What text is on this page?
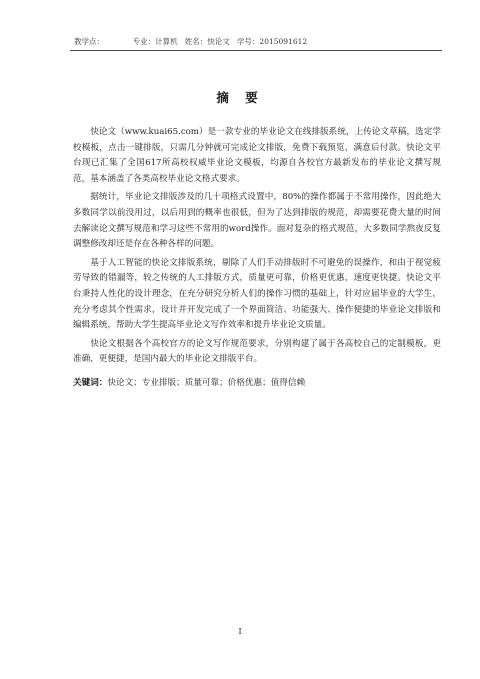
教学点：	专业：计算机 姓名：快论文 学号：2015091612
摘 要

快论文（www.kuai65.com）是一款专业的毕业论文在线排版系统，上传论文草稿，选定学校模板，点击一键排版，只需几分钟就可完成论文排版，免费下载预览，满意后付款。快论文平台现已汇集了全国617所高校权威毕业论文模板，均源自各校官方最新发布的毕业论文撰写规范，基本涵盖了各类高校毕业论文格式要求。

据统计，毕业论文排版涉及的几十项格式设置中，80%的操作都属于不常用操作，因此绝大多数同学以前没用过，以后用到的概率也很低，但为了达到排版的规范，却需要花费大量的时间去解读论文撰写规范和学习这些不常用的word操作。面对复杂的格式规范，大多数同学熬夜反复调整修改却还是存在各种各样的问题。

基于人工智能的快论文排版系统，剔除了人们手动排版时不可避免的误操作，和由于视觉疲劳导致的错漏等，较之传统的人工排版方式，质量更可靠，价格更优惠，速度更快捷。快论文平台秉持人性化的设计理念，在充分研究分析人们的操作习惯的基础上，针对应届毕业的大学生，充分考虑其个性需求，设计并开发完成了一个界面简洁、功能强大、操作便捷的毕业论文排版和编辑系统，帮助大学生提高毕业论文写作效率和提升毕业论文质量。

快论文根据各个高校官方的论文写作规范要求，分别构建了属于各高校自己的定制模板，更准确，更便捷，是国内最大的毕业论文排版平台。

关键词：快论文；专业排版；质量可靠；价格优惠；值得信赖
I
